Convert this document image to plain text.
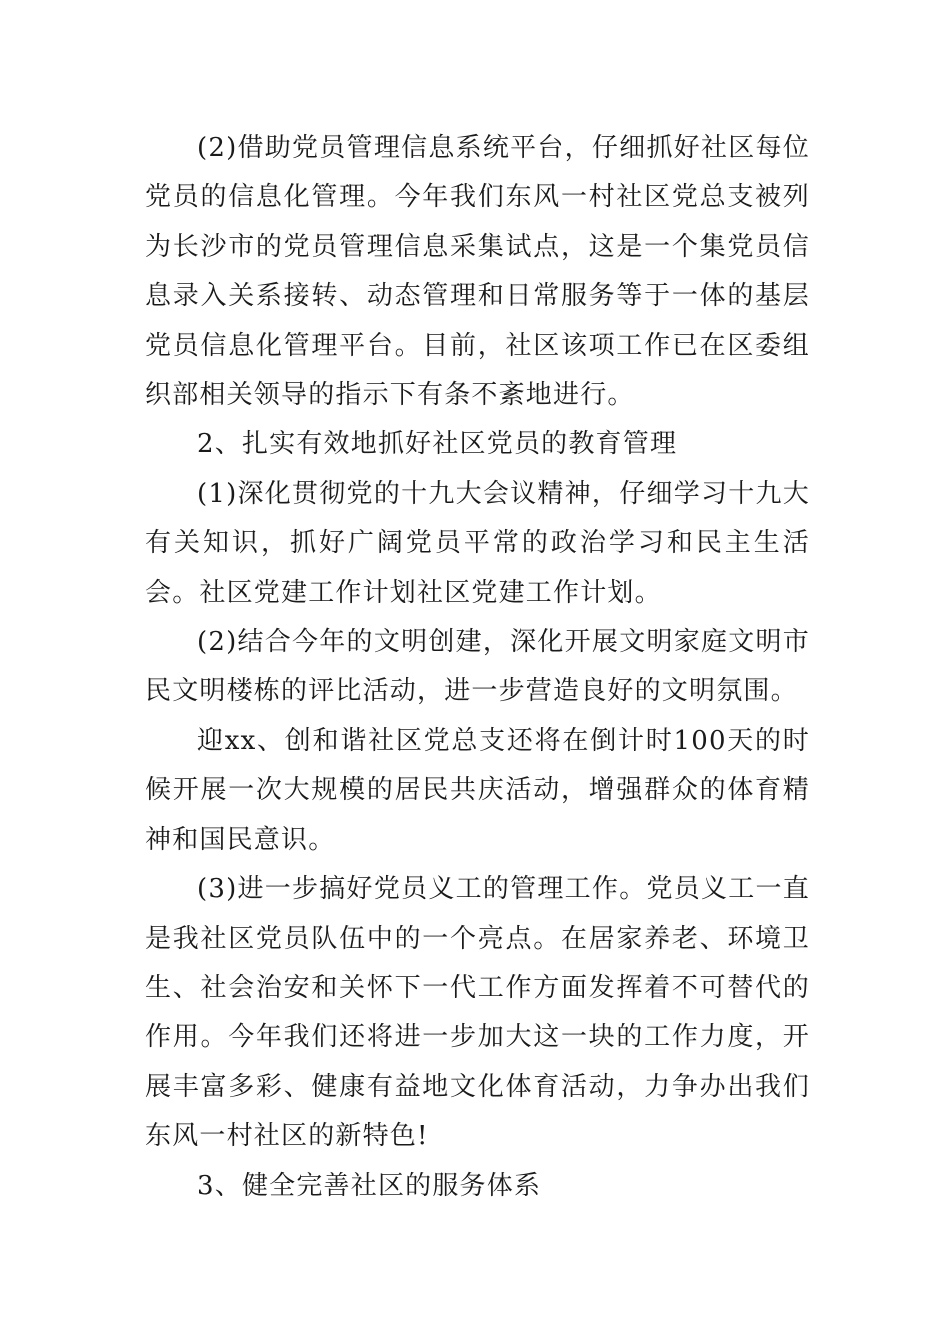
(2)借助党员管理信息系统平台，仔细抓好社区每位党员的信息化管理。今年我们东风一村社区党总支被列为长沙市的党员管理信息采集试点，这是一个集党员信息录入关系接转、动态管理和日常服务等于一体的基层党员信息化管理平台。目前，社区该项工作已在区委组织部相关领导的指示下有条不紊地进行。

2、扎实有效地抓好社区党员的教育管理

(1)深化贯彻党的十九大会议精神，仔细学习十九大有关知识，抓好广阔党员平常的政治学习和民主生活会。社区党建工作计划社区党建工作计划。

(2)结合今年的文明创建，深化开展文明家庭文明市民文明楼栋的评比活动，进一步营造良好的文明氛围。

迎xx、创和谐社区党总支还将在倒计时100天的时候开展一次大规模的居民共庆活动，增强群众的体育精神和国民意识。

(3)进一步搞好党员义工的管理工作。党员义工一直是我社区党员队伍中的一个亮点。在居家养老、环境卫生、社会治安和关怀下一代工作方面发挥着不可替代的作用。今年我们还将进一步加大这一块的工作力度，开展丰富多彩、健康有益地文化体育活动，力争办出我们东风一村社区的新特色!

3、健全完善社区的服务体系
